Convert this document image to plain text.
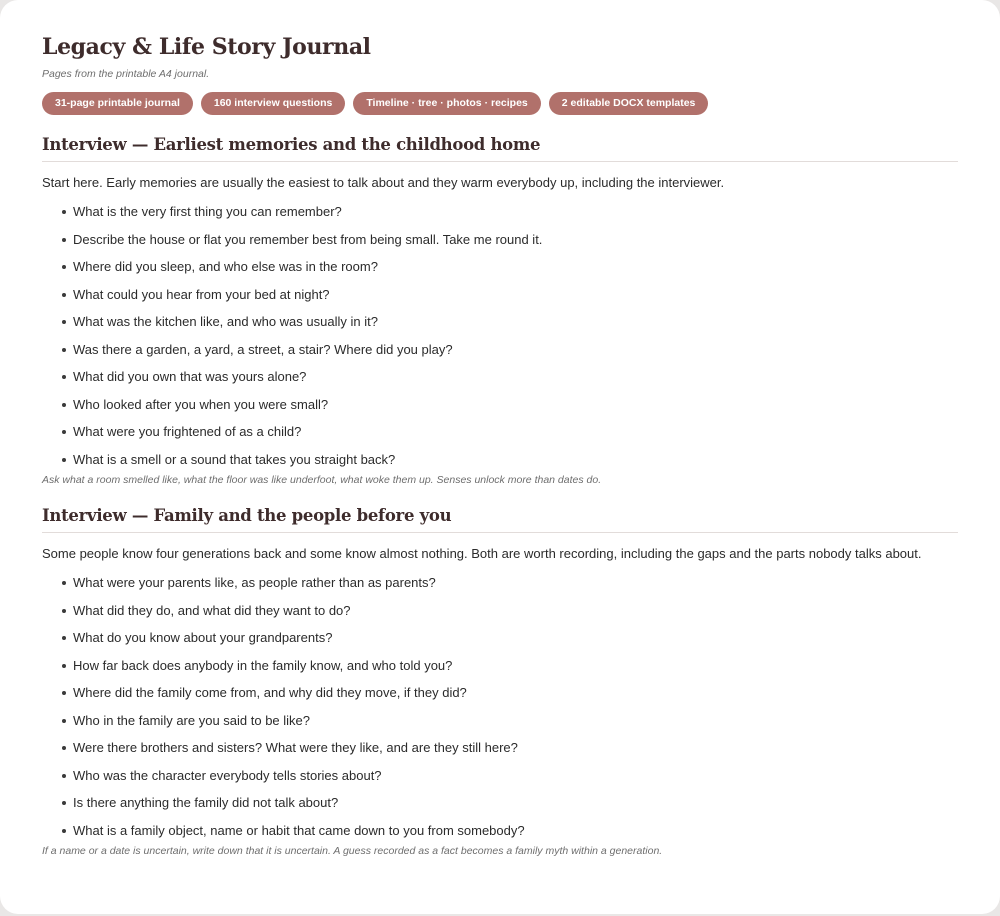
Legacy & Life Story Journal
Pages from the printable A4 journal.
31-page printable journal	160 interview questions	Timeline · tree · photos · recipes	2 editable DOCX templates
Interview — Earliest memories and the childhood home

Start here. Early memories are usually the easiest to talk about and they warm everybody up, including the interviewer.

What is the very first thing you can remember?
Describe the house or flat you remember best from being small. Take me round it.
Where did you sleep, and who else was in the room?
What could you hear from your bed at night?
What was the kitchen like, and who was usually in it?
Was there a garden, a yard, a street, a stair? Where did you play?
What did you own that was yours alone?
Who looked after you when you were small?
What were you frightened of as a child?
What is a smell or a sound that takes you straight back?

Ask what a room smelled like, what the floor was like underfoot, what woke them up. Senses unlock more than dates do.

Interview — Family and the people before you

Some people know four generations back and some know almost nothing. Both are worth recording, including the gaps and the parts nobody talks about.

What were your parents like, as people rather than as parents?
What did they do, and what did they want to do?
What do you know about your grandparents?
How far back does anybody in the family know, and who told you?
Where did the family come from, and why did they move, if they did?
Who in the family are you said to be like?
Were there brothers and sisters? What were they like, and are they still here?
Who was the character everybody tells stories about?
Is there anything the family did not talk about?
What is a family object, name or habit that came down to you from somebody?

If a name or a date is uncertain, write down that it is uncertain. A guess recorded as a fact becomes a family myth within a generation.
